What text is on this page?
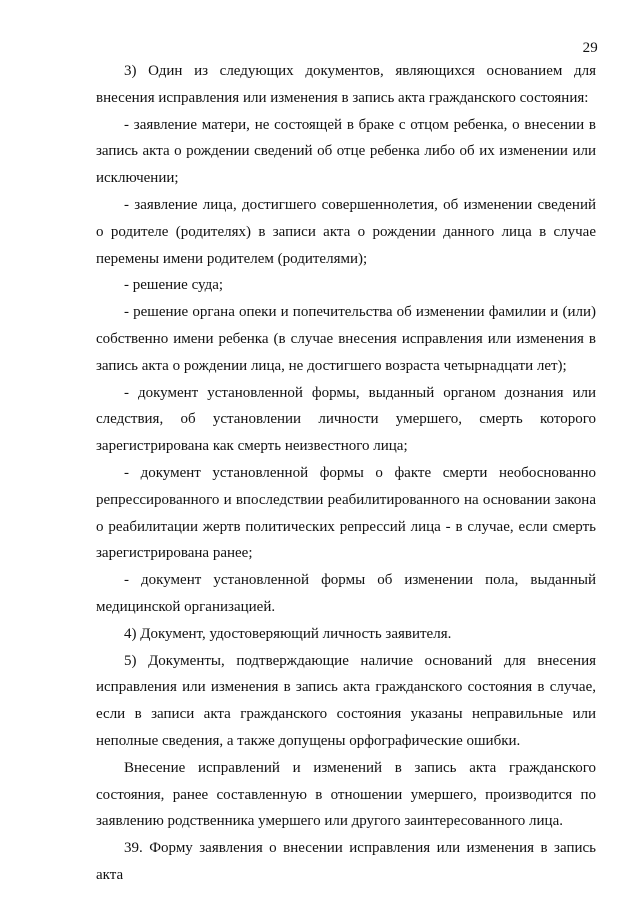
29

3) Один из следующих документов, являющихся основанием для внесения исправления или изменения в запись акта гражданского состояния:

- заявление матери, не состоящей в браке с отцом ребенка, о внесении в запись акта о рождении сведений об отце ребенка либо об их изменении или исключении;

- заявление лица, достигшего совершеннолетия, об изменении сведений о родителе (родителях) в записи акта о рождении данного лица в случае перемены имени родителем (родителями);

- решение суда;

- решение органа опеки и попечительства об изменении фамилии и (или) собственно имени ребенка (в случае внесения исправления или изменения в запись акта о рождении лица, не достигшего возраста четырнадцати лет);

- документ установленной формы, выданный органом дознания или следствия, об установлении личности умершего, смерть которого зарегистрирована как смерть неизвестного лица;

- документ установленной формы о факте смерти необоснованно репрессированного и впоследствии реабилитированного на основании закона о реабилитации жертв политических репрессий лица - в случае, если смерть зарегистрирована ранее;

- документ установленной формы об изменении пола, выданный медицинской организацией.

4) Документ, удостоверяющий личность заявителя.

5) Документы, подтверждающие наличие оснований для внесения исправления или изменения в запись акта гражданского состояния в случае, если в записи акта гражданского состояния указаны неправильные или неполные сведения, а также допущены орфографические ошибки.

Внесение исправлений и изменений в запись акта гражданского состояния, ранее составленную в отношении умершего, производится по заявлению родственника умершего или другого заинтересованного лица.

39. Форму заявления о внесении исправления или изменения в запись акта
